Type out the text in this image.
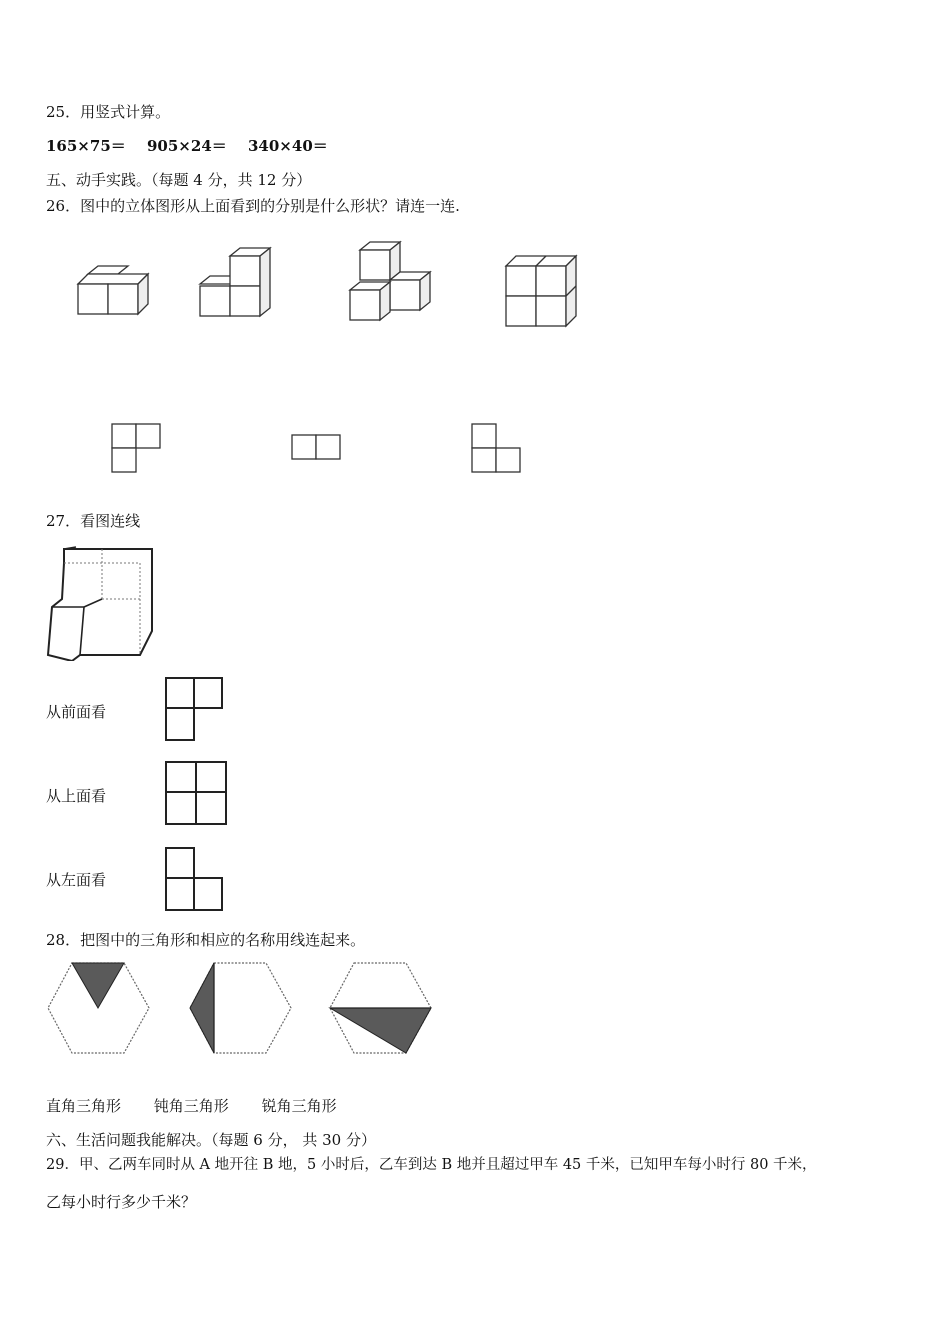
25．用竖式计算。
165×75＝ 905×24＝ 340×40＝
五、动手实践。（每题 4 分，共 12 分）
26．图中的立体图形从上面看到的分别是什么形状？请连一连.
27．看图连线
从前面看
从上面看
从左面看
28．把图中的三角形和相应的名称用线连起来。
直角三角形 钝角三角形 锐角三角形
六、生活问题我能解决。（每题 6 分， 共 30 分）
29．甲、乙两车同时从 A 地开往 B 地，5 小时后，乙车到达 B 地并且超过甲车 45 千米，已知甲车每小时行 80 千米，
乙每小时行多少千米？
